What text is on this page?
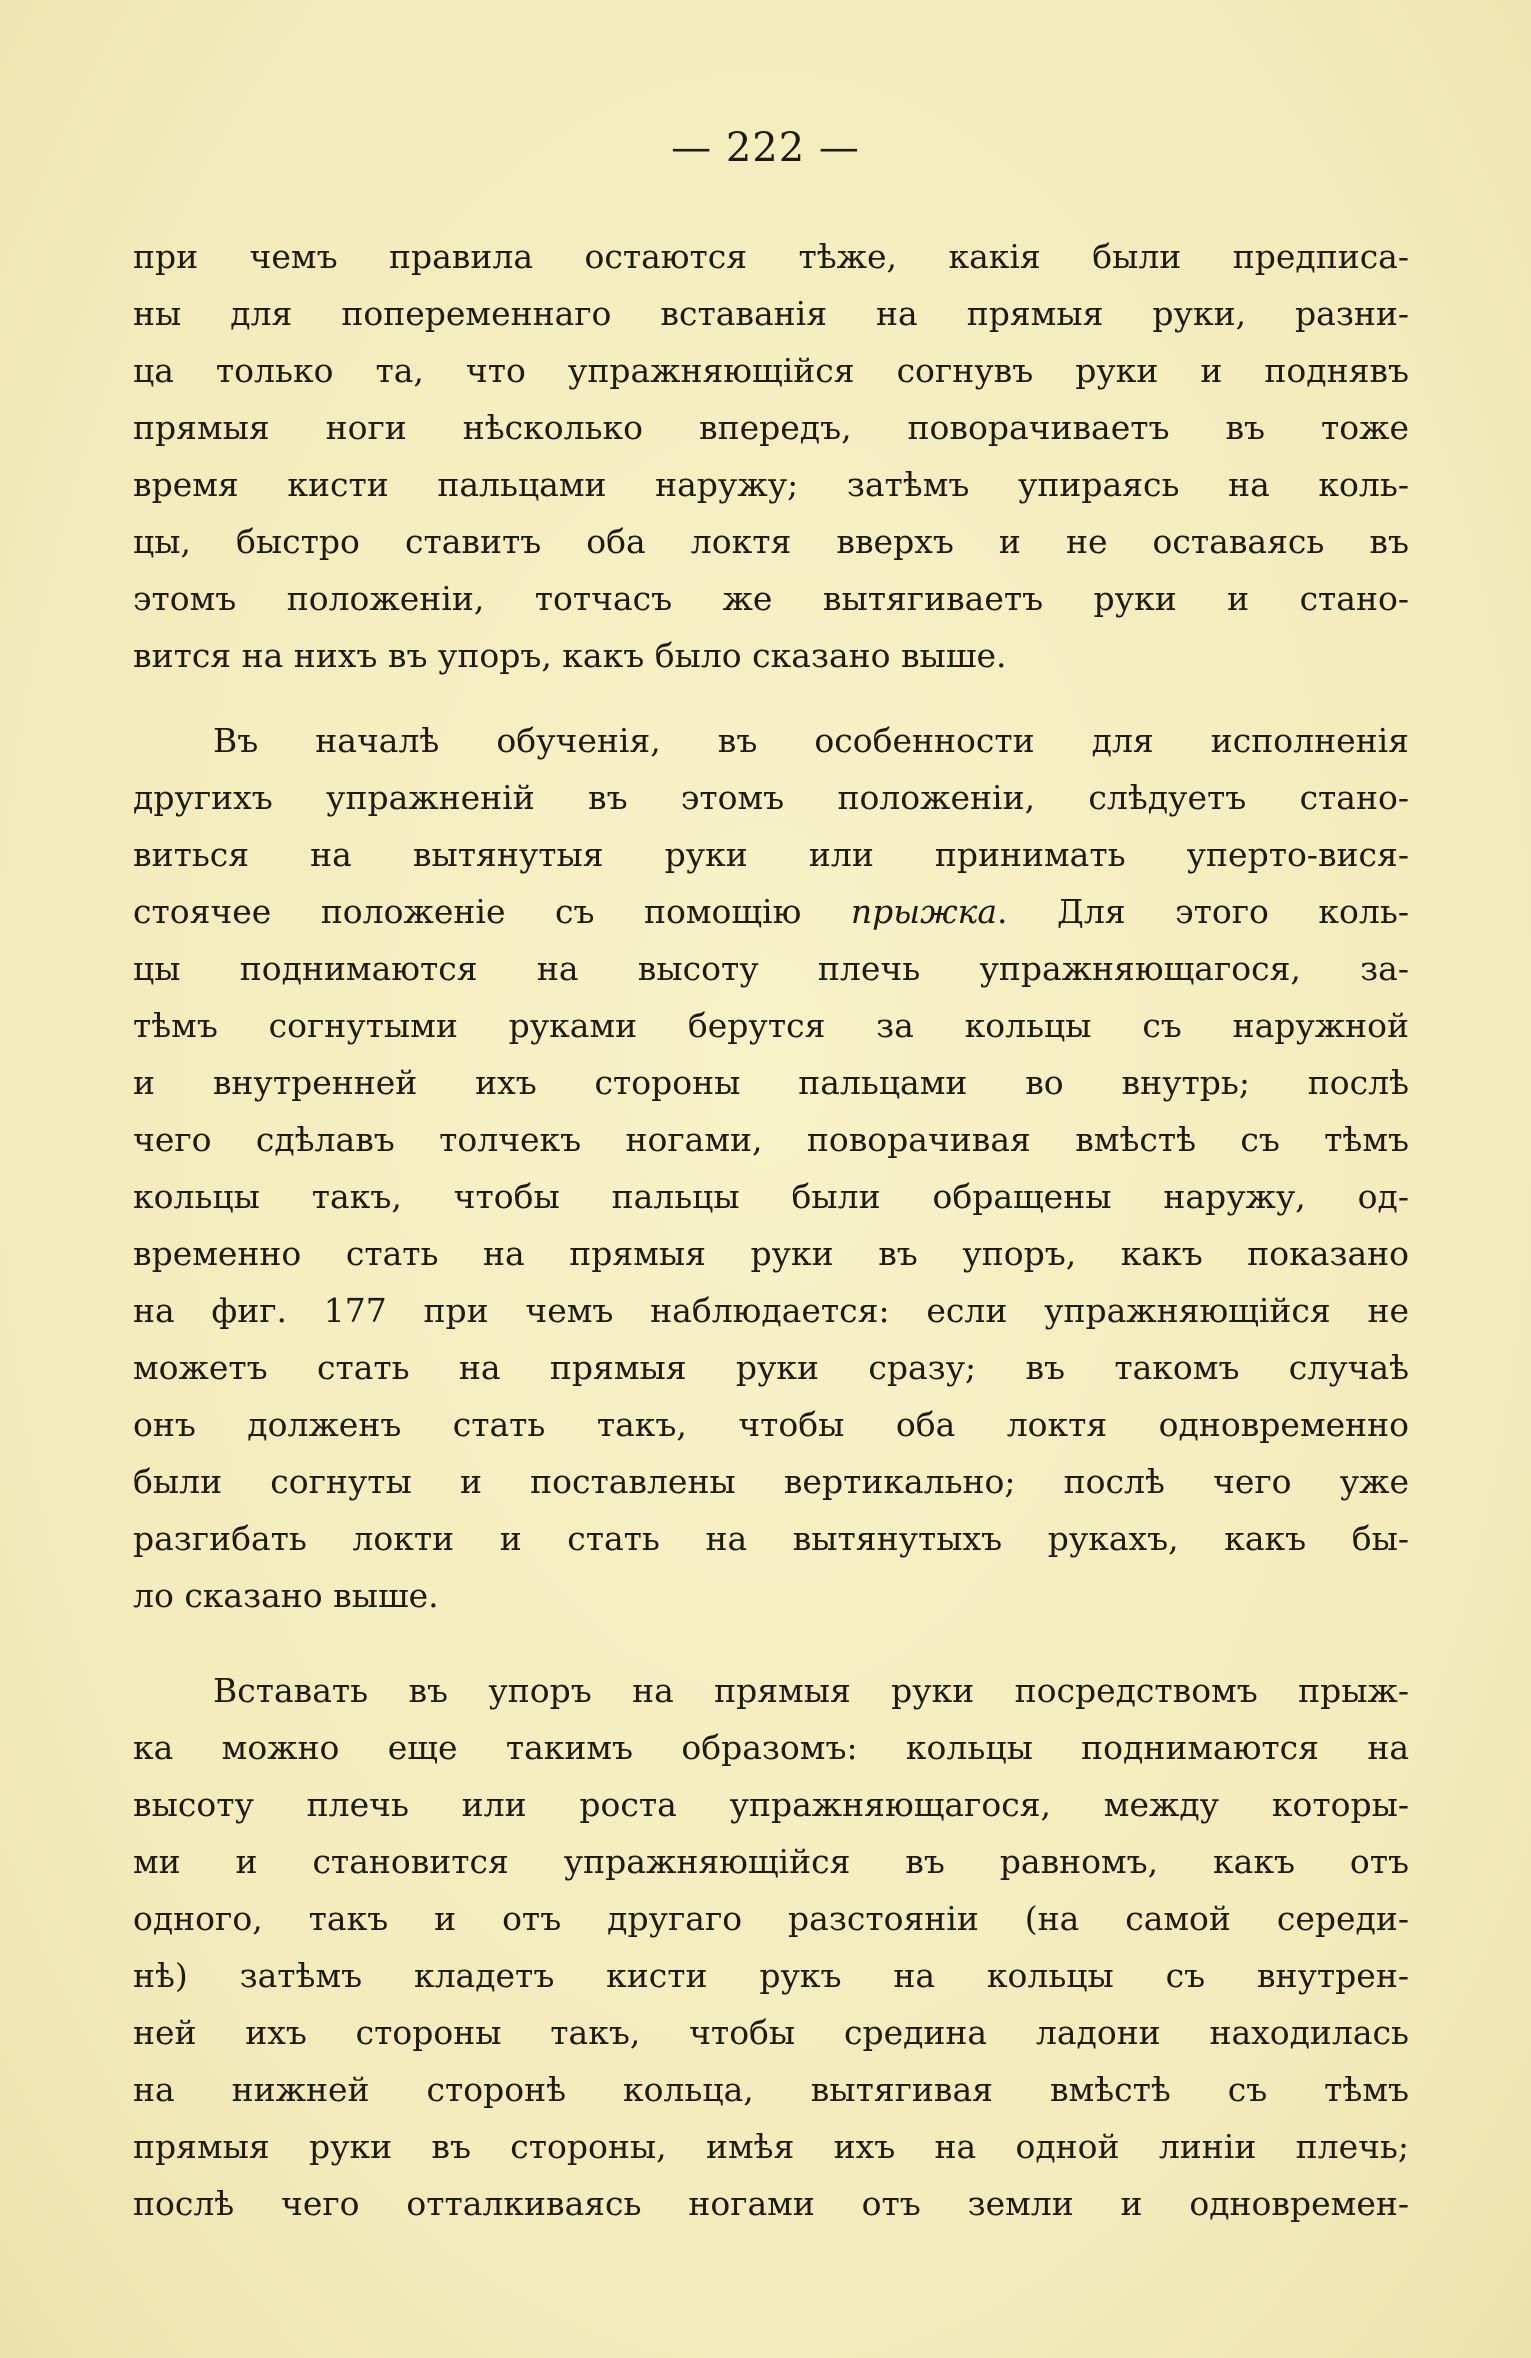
— 222 —
при чемъ правила остаются тѣже, какія были предписа-
ны для попеременнаго вставанія на прямыя руки, разни-
ца только та, что упражняющійся согнувъ руки и поднявъ
прямыя ноги нѣсколько впередъ, поворачиваетъ въ тоже
время кисти пальцами наружу; затѣмъ упираясь на коль-
цы, быстро ставитъ оба локтя вверхъ и не оставаясь въ
этомъ положеніи, тотчасъ же вытягиваетъ руки и стано-
вится на нихъ въ упоръ, какъ было сказано выше.
Въ началѣ обученія, въ особенности для исполненія
другихъ упражненій въ этомъ положеніи, слѣдуетъ стано-
виться на вытянутыя руки или принимать уперто-вися-
стоячее положеніе съ помощію прыжка. Для этого коль-
цы поднимаются на высоту плечь упражняющагося, за-
тѣмъ согнутыми руками берутся за кольцы съ наружной
и внутренней ихъ стороны пальцами во внутрь; послѣ
чего сдѣлавъ толчекъ ногами, поворачивая вмѣстѣ съ тѣмъ
кольцы такъ, чтобы пальцы были обращены наружу, од-
временно стать на прямыя руки въ упоръ, какъ показано
на фиг. 177 при чемъ наблюдается: если упражняющійся не
можетъ стать на прямыя руки сразу; въ такомъ случаѣ
онъ долженъ стать такъ, чтобы оба локтя одновременно
были согнуты и поставлены вертикально; послѣ чего уже
разгибать локти и стать на вытянутыхъ рукахъ, какъ бы-
ло сказано выше.
Вставать въ упоръ на прямыя руки посредствомъ прыж-
ка можно еще такимъ образомъ: кольцы поднимаются на
высоту плечь или роста упражняющагося, между которы-
ми и становится упражняющійся въ равномъ, какъ отъ
одного, такъ и отъ другаго разстояніи (на самой середи-
нѣ) затѣмъ кладетъ кисти рукъ на кольцы съ внутрен-
ней ихъ стороны такъ, чтобы средина ладони находилась
на нижней сторонѣ кольца, вытягивая вмѣстѣ съ тѣмъ
прямыя руки въ стороны, имѣя ихъ на одной линіи плечь;
послѣ чего отталкиваясь ногами отъ земли и одновремен-
